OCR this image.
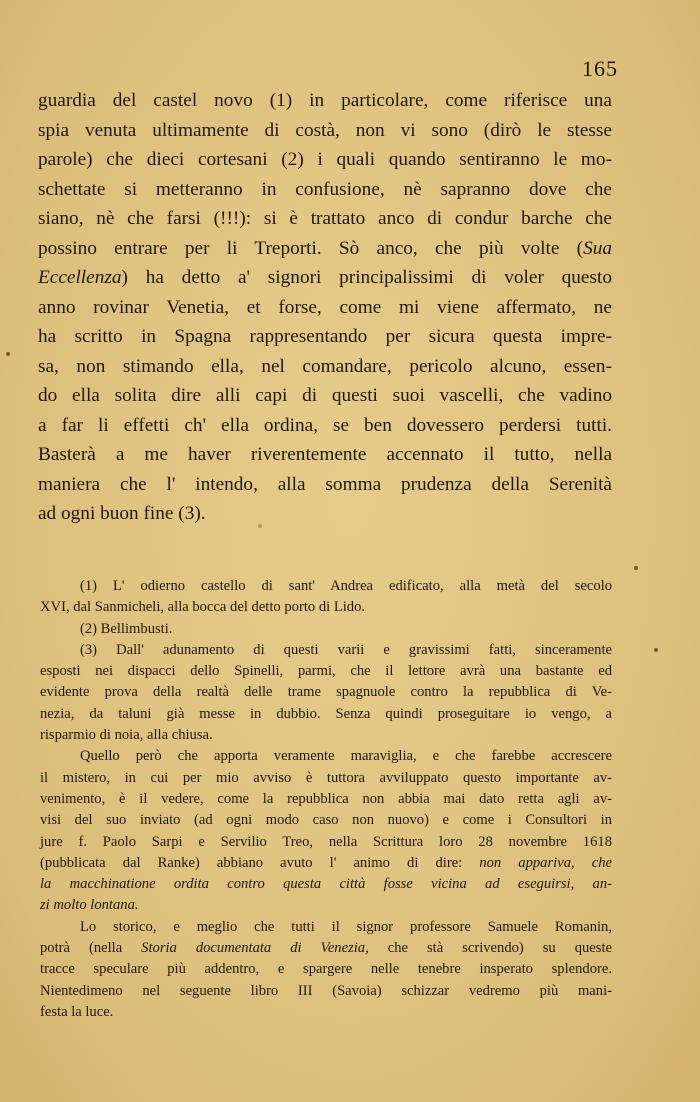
165
guardia del castel novo (1) in particolare, come riferisce una
spia venuta ultimamente di costà, non vi sono (dirò le stesse
parole) che dieci cortesani (2) i quali quando sentiranno le mo-
schettate si metteranno in confusione, nè sapranno dove che
siano, nè che farsi (!!!): si è trattato anco di condur barche che
possino entrare per li Treporti. Sò anco, che più volte (Sua
Eccellenza) ha detto a' signori principalissimi di voler questo
anno rovinar Venetia, et forse, come mi viene affermato, ne
ha scritto in Spagna rappresentando per sicura questa impre-
sa, non stimando ella, nel comandare, pericolo alcuno, essen-
do ella solita dire alli capi di questi suoi vascelli, che vadino
a far li effetti ch' ella ordina, se ben dovessero perdersi tutti.
Basterà a me haver riverentemente accennato il tutto, nella
maniera che l' intendo, alla somma prudenza della Serenità
ad ogni buon fine (3).
(1) L' odierno castello di sant' Andrea edificato, alla metà del secolo
XVI, dal Sanmicheli, alla bocca del detto porto di Lido.
(2) Bellimbusti.
(3) Dall' adunamento di questi varii e gravissimi fatti, sinceramente
esposti nei dispacci dello Spinelli, parmi, che il lettore avrà una bastante ed
evidente prova della realtà delle trame spagnuole contro la repubblica di Ve-
nezia, da taluni già messe in dubbio. Senza quindi proseguitare io vengo, a
risparmio di noia, alla chiusa.
Quello però che apporta veramente maraviglia, e che farebbe accrescere
il mistero, in cui per mio avviso è tuttora avviluppato questo importante av-
venimento, è il vedere, come la repubblica non abbia mai dato retta agli av-
visi del suo inviato (ad ogni modo caso non nuovo) e come i Consultori in
jure f. Paolo Sarpi e Servilio Treo, nella Scrittura loro 28 novembre 1618
(pubblicata dal Ranke) abbiano avuto l' animo di dire: non appariva, che
la macchinatione ordita contro questa città fosse vicina ad eseguirsi, an-
zi molto lontana.
Lo storico, e meglio che tutti il signor professore Samuele Romanin,
potrà (nella Storia documentata di Venezia, che stà scrivendo) su queste
tracce speculare più addentro, e spargere nelle tenebre insperato splendore.
Nientedimeno nel seguente libro III (Savoia) schizzar vedremo più mani-
festa la luce.
